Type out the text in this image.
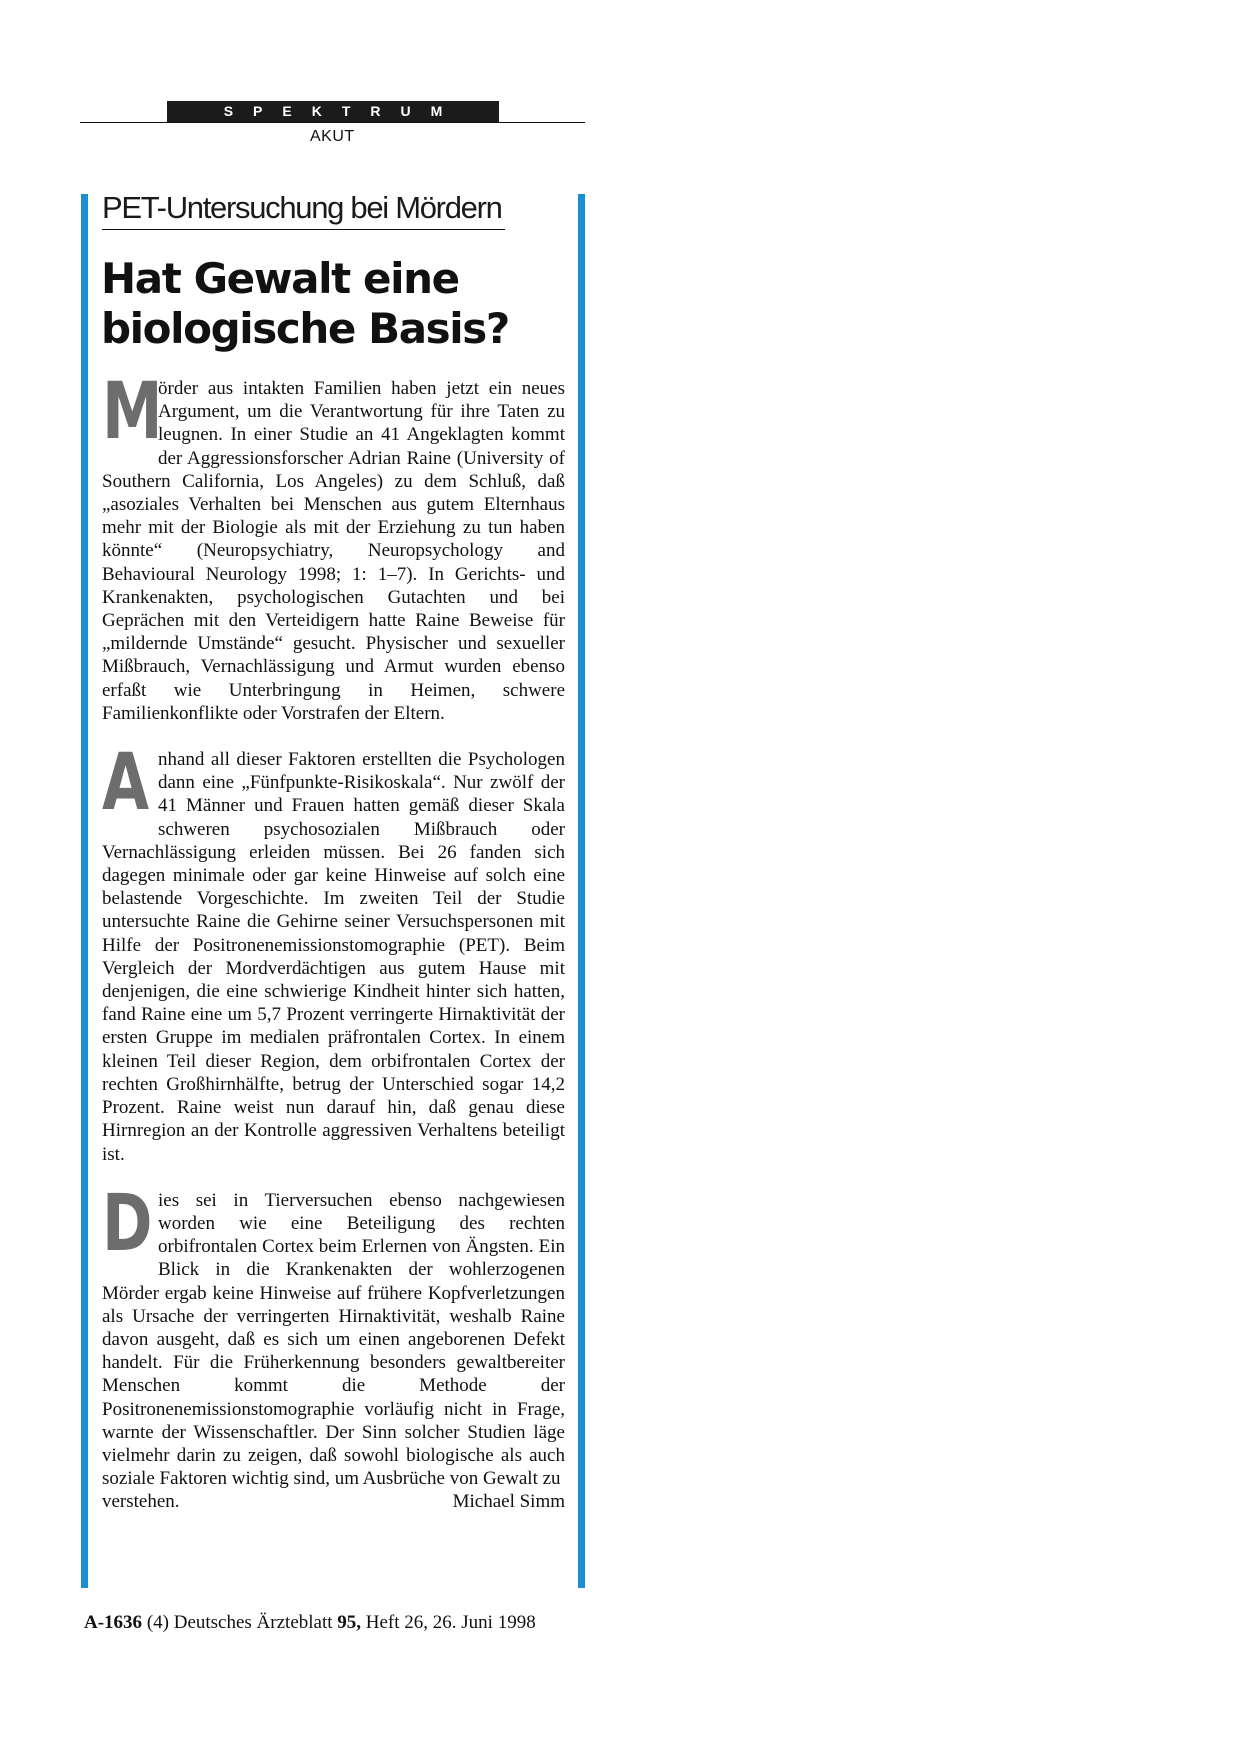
SPEKTRUM
AKUT
PET-Untersuchung bei Mördern
Hat Gewalt eine
biologische Basis?

M
örder aus intakten Familien haben jetzt ein neues Argument, um die Verantwortung für ihre Taten zu leugnen. In einer Studie an 41 Angeklagten kommt der Aggressionsforscher Adrian Raine (University of Southern California, Los Angeles) zu dem Schluß, daß „asoziales Verhalten bei Menschen aus gutem Elternhaus mehr mit der Biologie als mit der Erziehung zu tun haben könnte“ (Neuropsychiatry, Neuropsychology and Behavioural Neurology 1998; 1: 1–7). In Gerichts- und Krankenakten, psychologischen Gutachten und bei Geprächen mit den Verteidigern hatte Raine Beweise für „mildernde Umstände“ gesucht. Physischer und sexueller Mißbrauch, Vernachlässigung und Armut wurden ebenso erfaßt wie Unterbringung in Heimen, schwere Familienkonflikte oder Vorstrafen der Eltern.

Anhand all dieser Faktoren erstellten die Psychologen dann eine „Fünfpunkte-Risikoskala“. Nur zwölf der 41 Männer und Frauen hatten gemäß dieser Skala schweren psychosozialen Mißbrauch oder Vernachlässigung erleiden müssen. Bei 26 fanden sich dagegen minimale oder gar keine Hinweise auf solch eine belastende Vorgeschichte. Im zweiten Teil der Studie untersuchte Raine die Gehirne seiner Versuchspersonen mit Hilfe der Positronenemissionstomographie (PET). Beim Vergleich der Mordverdächtigen aus gutem Hause mit denjenigen, die eine schwierige Kindheit hinter sich hatten, fand Raine eine um 5,7 Prozent verringerte Hirnaktivität der ersten Gruppe im medialen präfrontalen Cortex. In einem kleinen Teil dieser Region, dem orbifrontalen Cortex der rechten Großhirnhälfte, betrug der Unterschied sogar 14,2 Prozent. Raine weist nun darauf hin, daß genau diese Hirnregion an der Kontrolle aggressiven Verhaltens beteiligt ist.

Dies sei in Tierversuchen ebenso nachgewiesen worden wie eine Beteiligung des rechten orbifrontalen Cortex beim Erlernen von Ängsten. Ein Blick in die Krankenakten der wohlerzogenen Mörder ergab keine Hinweise auf frühere Kopfverletzungen als Ursache der verringerten Hirnaktivität, weshalb Raine davon ausgeht, daß es sich um einen angeborenen Defekt handelt. Für die Früherkennung besonders gewaltbereiter Menschen kommt die Methode der Positronenemissionstomographie vorläufig nicht in Frage, warnte der Wissenschaftler. Der Sinn solcher Studien läge vielmehr darin zu zeigen, daß sowohl biologische als auch soziale Faktoren wichtig sind, um Ausbrüche von Gewalt zu
verstehen.	Michael Simm

A-1636 (4) Deutsches Ärzteblatt 95, Heft 26, 26. Juni 1998
